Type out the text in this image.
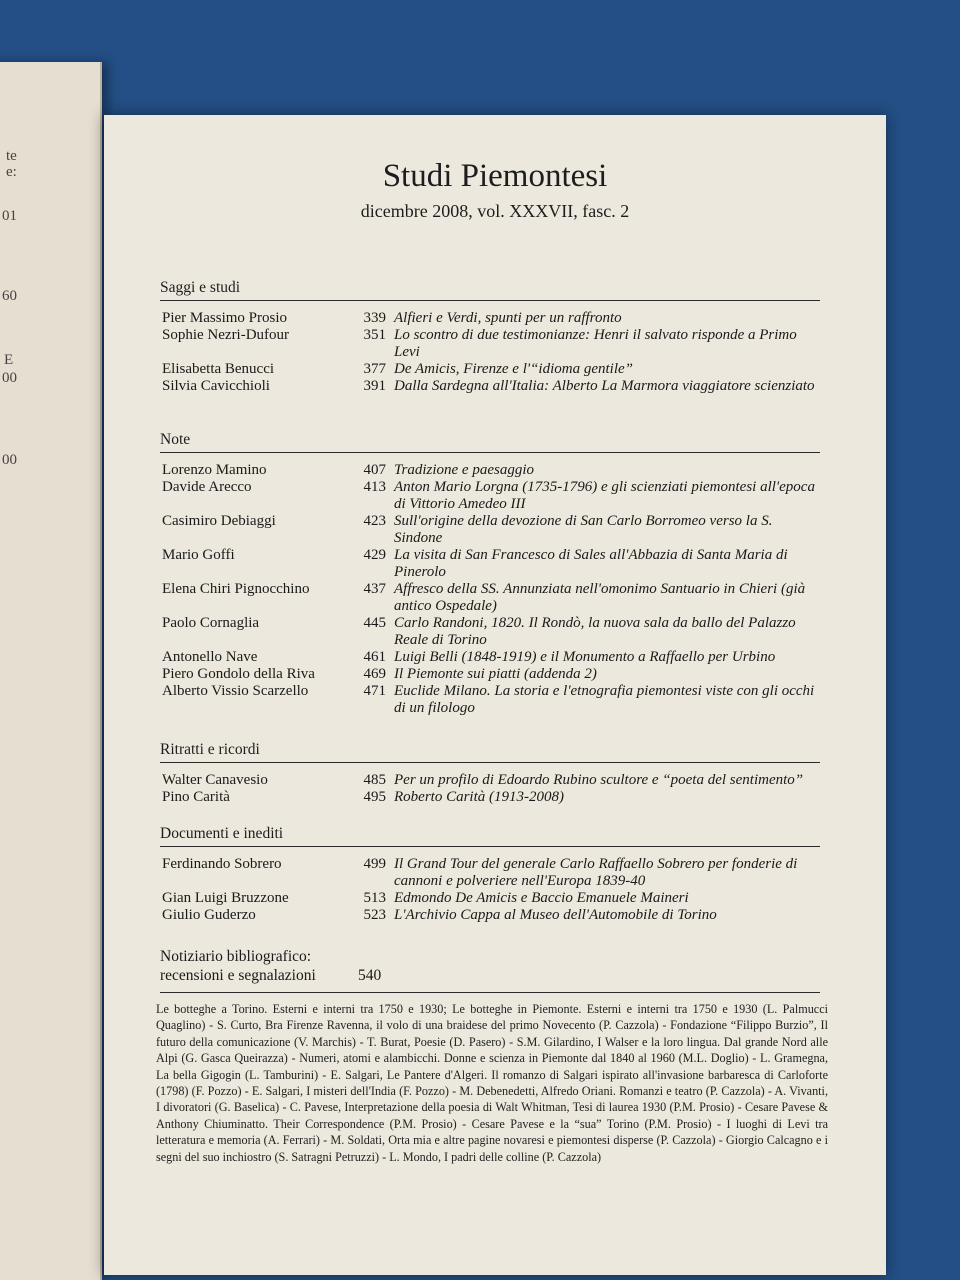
te
e:
01
60
E
00
00
Studi Piemontesi
dicembre 2008, vol. XXXVII, fasc. 2
Saggi e studi
Pier Massimo Prosio	339 Alfieri e Verdi, spunti per un raffronto
Sophie Nezri-Dufour	351 Lo scontro di due testimonianze: Henri il salvato risponde a Primo Levi
Elisabetta Benucci	377 De Amicis, Firenze e l'“idioma gentile”
Silvia Cavicchioli	391 Dalla Sardegna all'Italia: Alberto La Marmora viaggiatore scienziato
Note
Lorenzo Mamino	407 Tradizione e paesaggio
Davide Arecco	413 Anton Mario Lorgna (1735-1796) e gli scienziati piemontesi all'epoca di Vittorio Amedeo III
Casimiro Debiaggi	423 Sull'origine della devozione di San Carlo Borromeo verso la S. Sindone
Mario Goffi	429 La visita di San Francesco di Sales all'Abbazia di Santa Maria di Pinerolo
Elena Chiri Pignocchino	437 Affresco della SS. Annunziata nell'omonimo Santuario in Chieri (già antico Ospedale)
Paolo Cornaglia	445 Carlo Randoni, 1820. Il Rondò, la nuova sala da ballo del Palazzo Reale di Torino
Antonello Nave	461 Luigi Belli (1848-1919) e il Monumento a Raffaello per Urbino
Piero Gondolo della Riva	469 Il Piemonte sui piatti (addenda 2)
Alberto Vissio Scarzello	471 Euclide Milano. La storia e l'etnografia piemontesi viste con gli occhi di un filologo
Ritratti e ricordi
Walter Canavesio	485 Per un profilo di Edoardo Rubino scultore e “poeta del sentimento”
Pino Carità	495 Roberto Carità (1913-2008)
Documenti e inediti
Ferdinando Sobrero	499 Il Grand Tour del generale Carlo Raffaello Sobrero per fonderie di cannoni e polveriere nell'Europa 1839-40
Gian Luigi Bruzzone	513 Edmondo De Amicis e Baccio Emanuele Maineri
Giulio Guderzo	523 L'Archivio Cappa al Museo dell'Automobile di Torino
Notiziario bibliografico:
recensioni e segnalazioni	540
Le botteghe a Torino. Esterni e interni tra 1750 e 1930; Le botteghe in Piemonte. Esterni e interni tra 1750 e 1930 (L. Palmucci Quaglino) - S. Curto, Bra Firenze Ravenna, il volo di una braidese del primo Novecento (P. Cazzola) - Fondazione “Filippo Burzio”, Il futuro della comunicazione (V. Marchis) - T. Burat, Poesie (D. Pasero) - S.M. Gilardino, I Walser e la loro lingua. Dal grande Nord alle Alpi (G. Gasca Queirazza) - Numeri, atomi e alambicchi. Donne e scienza in Piemonte dal 1840 al 1960 (M.L. Doglio) - L. Gramegna, La bella Gigogin (L. Tamburini) - E. Salgari, Le Pantere d'Algeri. Il romanzo di Salgari ispirato all'invasione barbaresca di Carloforte (1798) (F. Pozzo) - E. Salgari, I misteri dell'India (F. Pozzo) - M. Debenedetti, Alfredo Oriani. Romanzi e teatro (P. Cazzola) - A. Vivanti, I divoratori (G. Baselica) - C. Pavese, Interpretazione della poesia di Walt Whitman, Tesi di laurea 1930 (P.M. Prosio) - Cesare Pavese & Anthony Chiuminatto. Their Correspondence (P.M. Prosio) - Cesare Pavese e la “sua” Torino (P.M. Prosio) - I luoghi di Levi tra letteratura e memoria (A. Ferrari) - M. Soldati, Orta mia e altre pagine novaresi e piemontesi disperse (P. Cazzola) - Giorgio Calcagno e i segni del suo inchiostro (S. Satragni Petruzzi) - L. Mondo, I padri delle colline (P. Cazzola)
